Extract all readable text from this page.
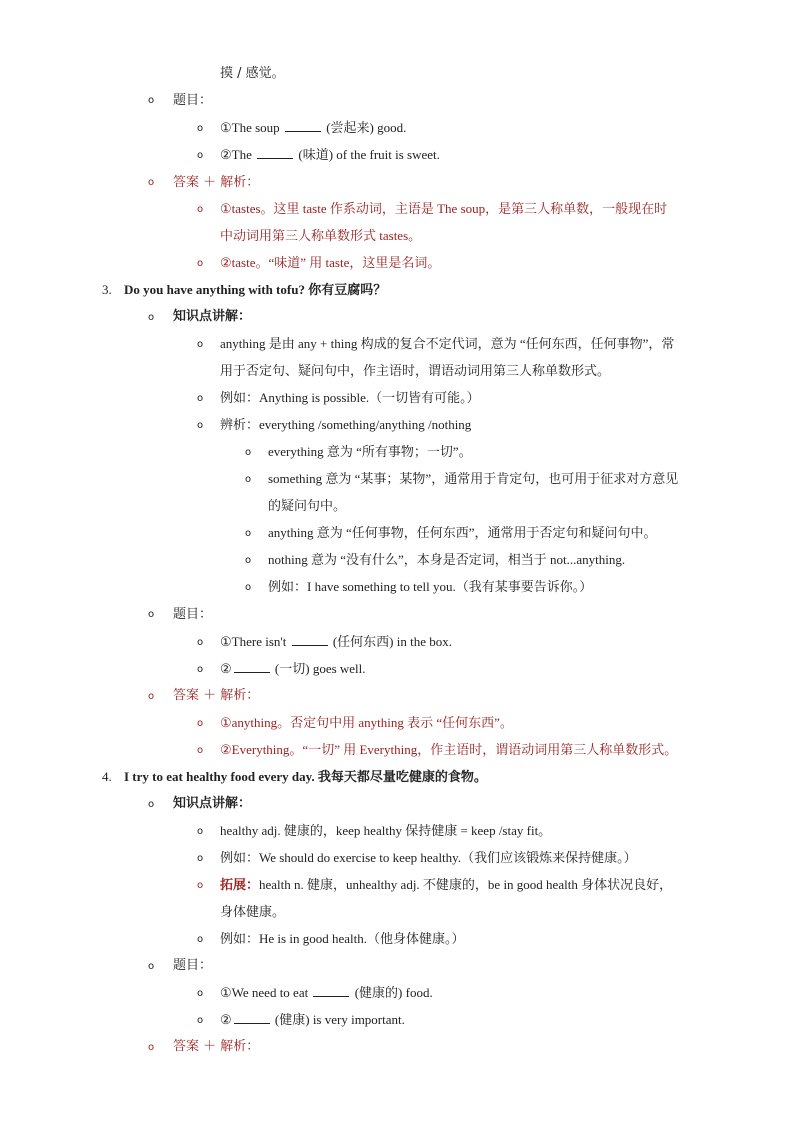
摸 / 感觉。
o 题目：
o ①The soup	(尝起来) good.
o ②The	(味道) of the fruit is sweet.
o 答案 ＋ 解析：
o ①tastes。这里 taste 作系动词，主语是 The soup，是第三人称单数，一般现在时
中动词用第三人称单数形式 tastes。
o ②taste。“味道” 用 taste，这里是名词。
3. Do you have anything with tofu? 你有豆腐吗？
o 知识点讲解：
o anything 是由 any + thing 构成的复合不定代词，意为 “任何东西，任何事物”，常
用于否定句、疑问句中，作主语时，谓语动词用第三人称单数形式。
o 例如：Anything is possible.（一切皆有可能。）
o 辨析：everything /something/anything /nothing
o everything 意为 “所有事物；一切”。
o something 意为 “某事；某物”，通常用于肯定句，也可用于征求对方意见
的疑问句中。
o anything 意为 “任何事物，任何东西”，通常用于否定句和疑问句中。
o nothing 意为 “没有什么”，本身是否定词，相当于 not...anything.
o 例如：I have something to tell you.（我有某事要告诉你。）
o 题目：
o ①There isn't	(任何东西) in the box.
o ②	(一切) goes well.
o 答案 ＋ 解析：
o ①anything。否定句中用 anything 表示 “任何东西”。
o ②Everything。“一切” 用 Everything，作主语时，谓语动词用第三人称单数形式。
4. I try to eat healthy food every day. 我每天都尽量吃健康的食物。
o 知识点讲解：
o healthy adj. 健康的，keep healthy 保持健康 = keep /stay fit。
o 例如：We should do exercise to keep healthy.（我们应该锻炼来保持健康。）
o 拓展：health n. 健康，unhealthy adj. 不健康的，be in good health 身体状况良好，
身体健康。
o 例如：He is in good health.（他身体健康。）
o 题目：
o ①We need to eat	(健康的) food.
o ②	(健康) is very important.
o 答案 ＋ 解析：
